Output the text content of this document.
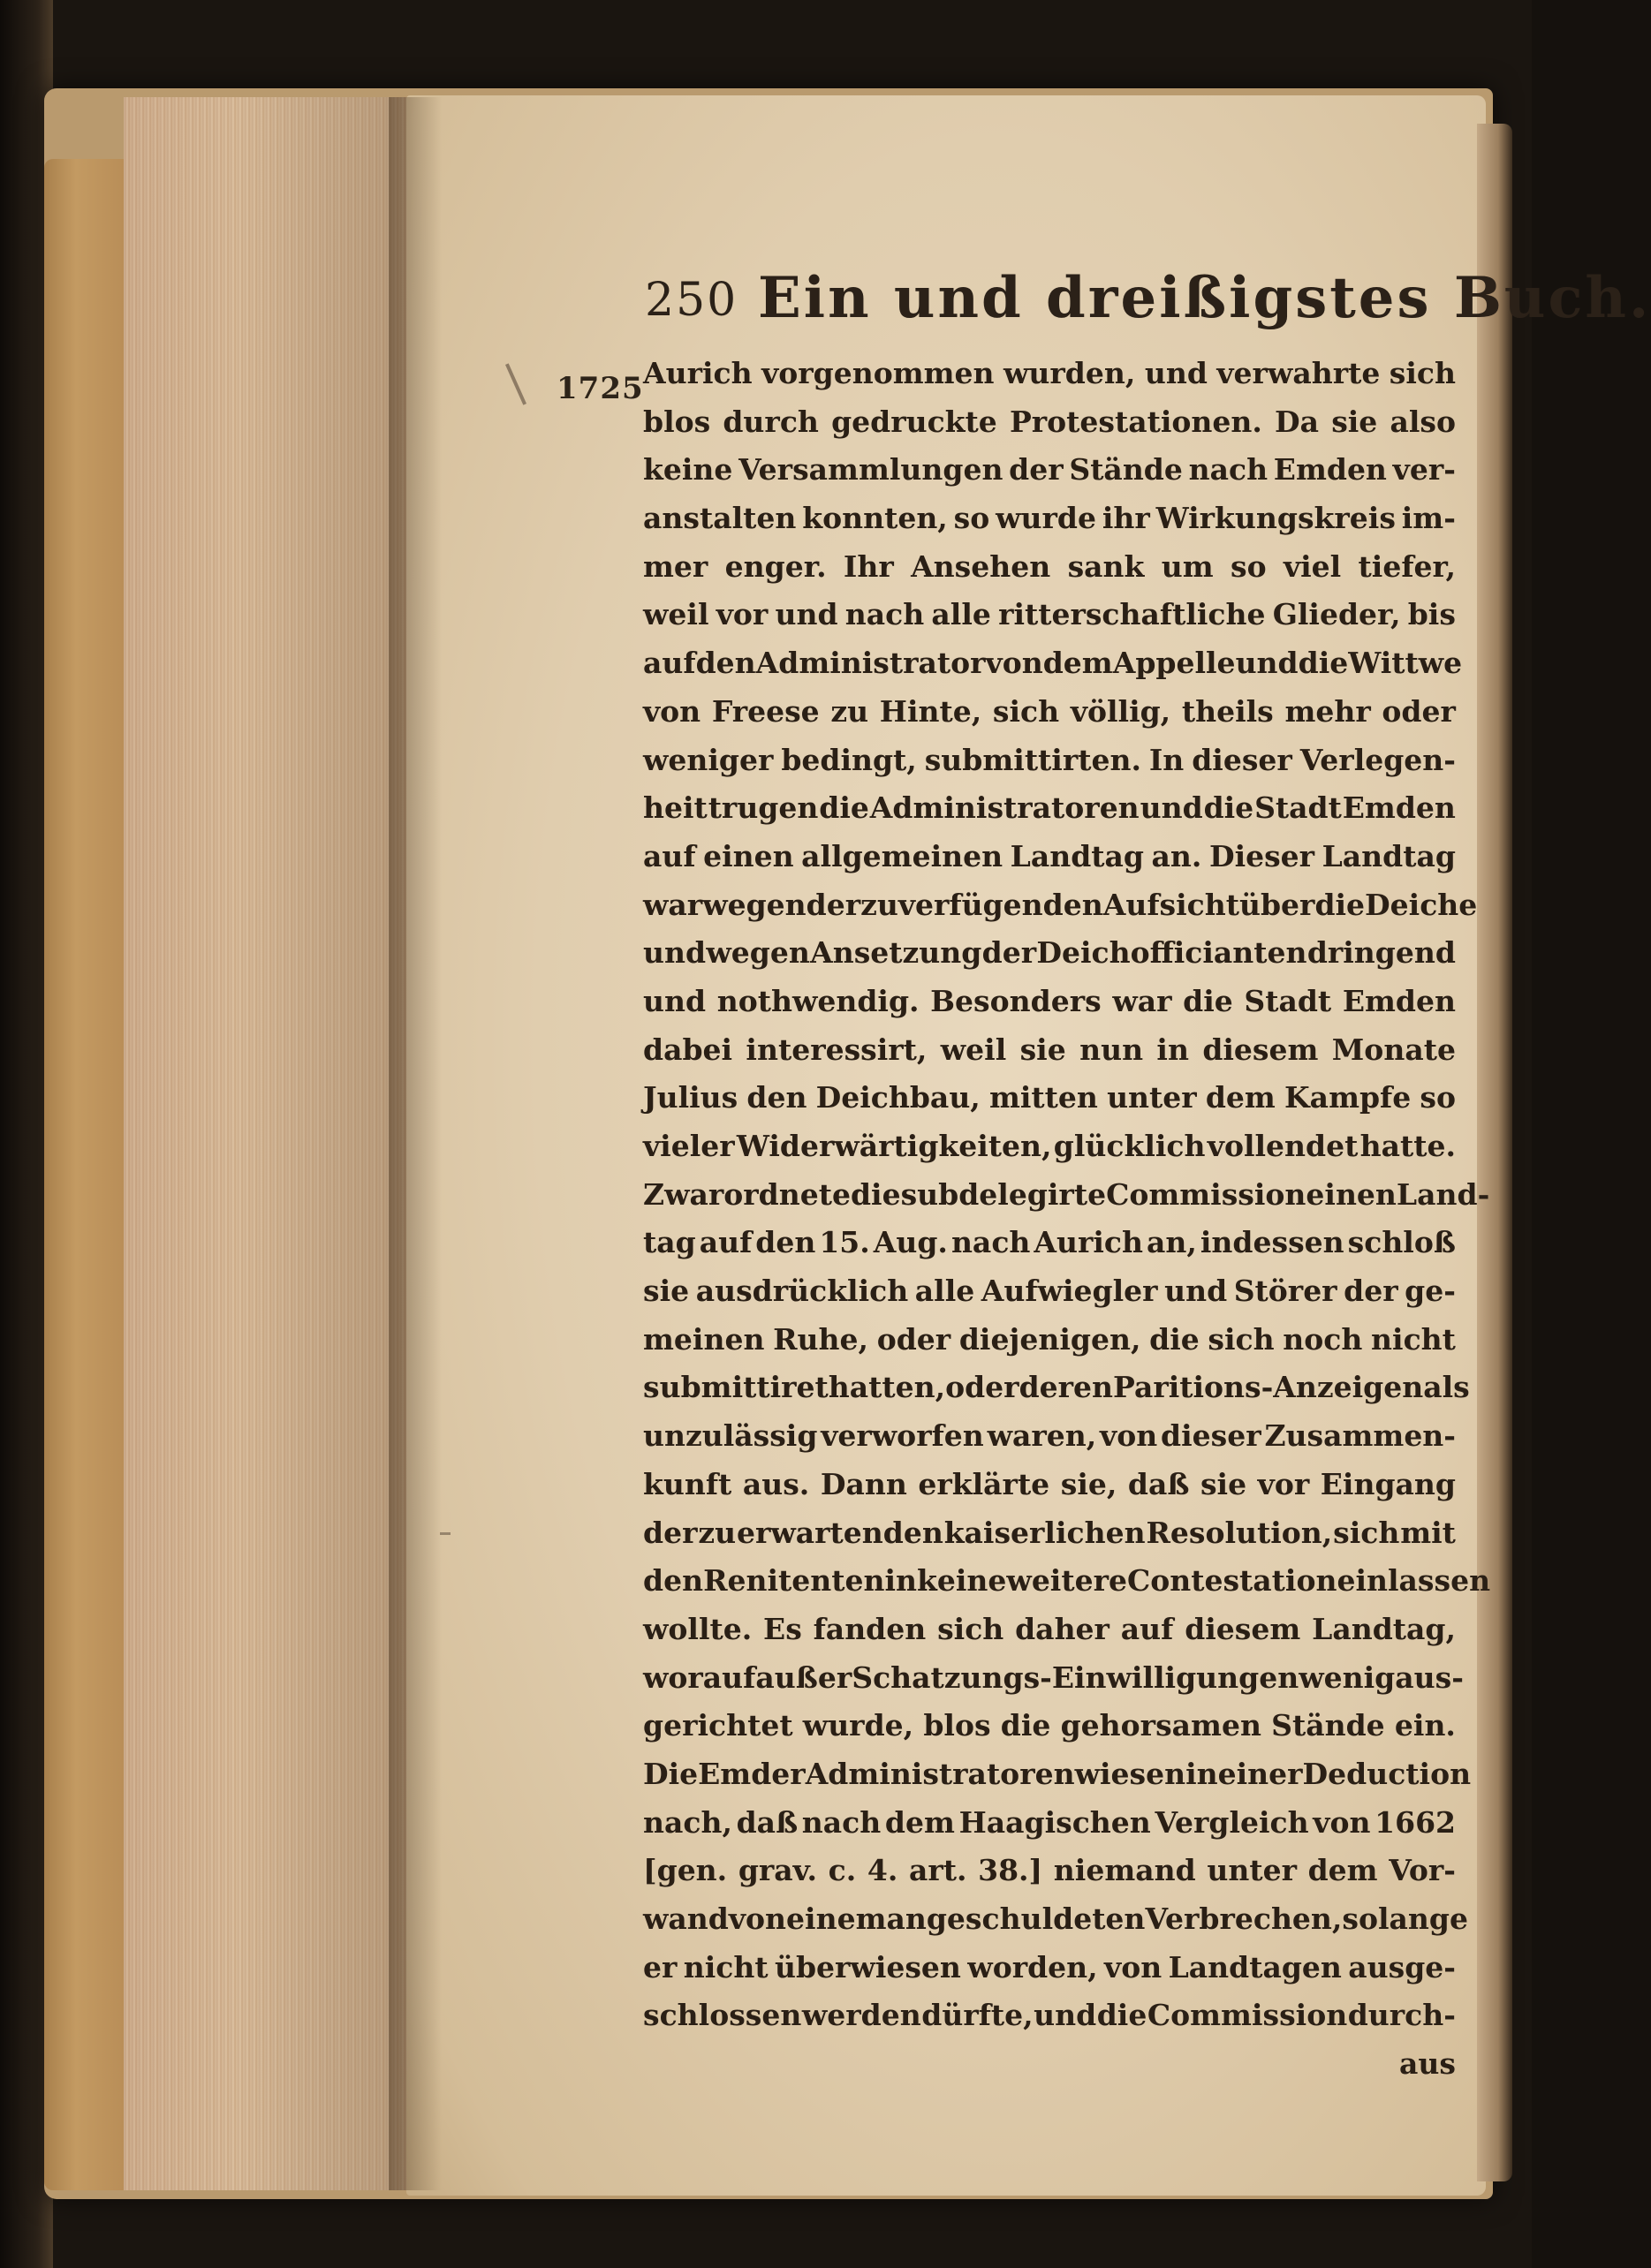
250 Ein und dreißigstes Buch.
1725 Aurich vorgenommen wurden, und verwahrte sich
blos durch gedruckte Protestationen. Da sie also
keine Versammlungen der Stände nach Emden ver-
anstalten konnten, so wurde ihr Wirkungskreis im-
mer enger. Ihr Ansehen sank um so viel tiefer,
weil vor und nach alle ritterschaftliche Glieder, bis
auf den Administrator von dem Appelle und die Wittwe
von Freese zu Hinte, sich völlig, theils mehr oder
weniger bedingt, submittirten. In dieser Verlegen-
heit trugen die Administratoren und die Stadt Emden
auf einen allgemeinen Landtag an. Dieser Landtag
war wegen der zu verfügenden Aufsicht über die Deiche
und wegen Ansetzung der Deichofficianten dringend
und nothwendig. Besonders war die Stadt Emden
dabei interessirt, weil sie nun in diesem Monate
Julius den Deichbau, mitten unter dem Kampfe so
vieler Widerwärtigkeiten, glücklich vollendet hatte.
Zwar ordnete die subdelegirte Commission einen Land-
tag auf den 15. Aug. nach Aurich an, indessen schloß
sie ausdrücklich alle Aufwiegler und Störer der ge-
meinen Ruhe, oder diejenigen, die sich noch nicht
submittiret hatten, oder deren Paritions-Anzeigen als
unzulässig verworfen waren, von dieser Zusammen-
kunft aus. Dann erklärte sie, daß sie vor Eingang
der zu erwartenden kaiserlichen Resolution, sich mit
den Renitenten in keine weitere Contestation einlassen
wollte. Es fanden sich daher auf diesem Landtag,
worauf außer Schatzungs-Einwilligungen wenig aus-
gerichtet wurde, blos die gehorsamen Stände ein.
Die Emder Administratoren wiesen in einer Deduction
nach, daß nach dem Haagischen Vergleich von 1662
[gen. grav. c. 4. art. 38.] niemand unter dem Vor-
wand von einem angeschuldeten Verbrechen, so lange
er nicht überwiesen worden, von Landtagen ausge-
schlossen werden dürfte, und die Commission durch-
aus
